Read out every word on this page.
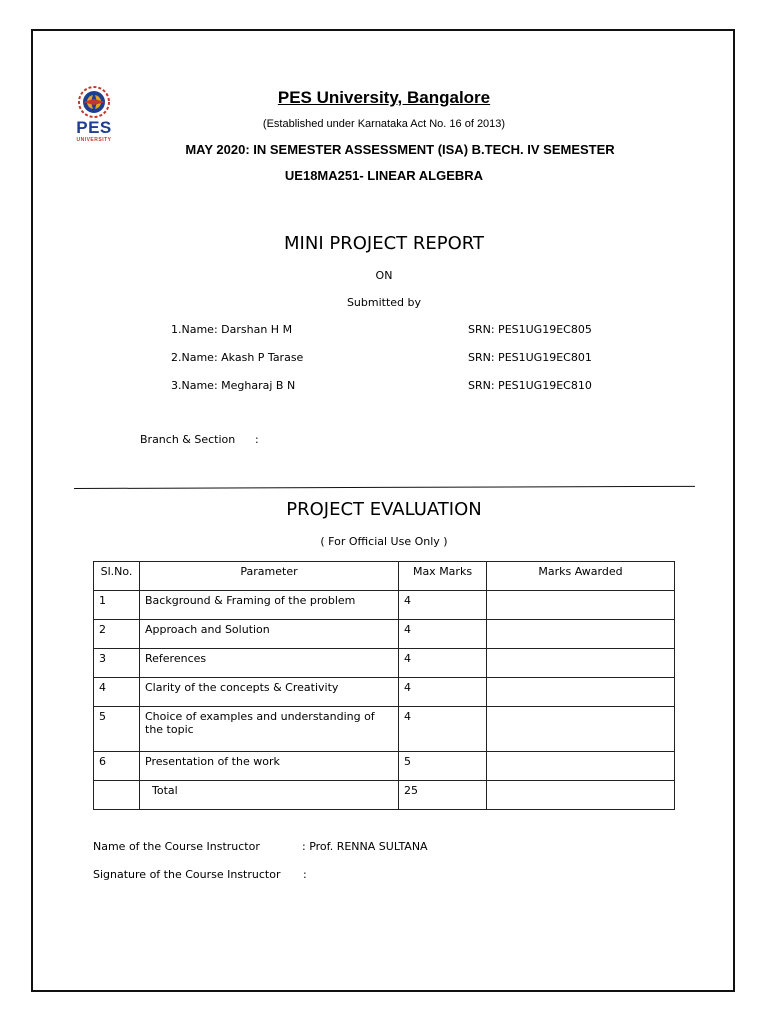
PES
UNIVERSITY
PES University, Bangalore
(Established under Karnataka Act No. 16 of 2013)
MAY 2020: IN SEMESTER ASSESSMENT (ISA) B.TECH. IV SEMESTER
UE18MA251- LINEAR ALGEBRA
MINI PROJECT REPORT
ON
Submitted by
1.Name: Darshan H M	SRN: PES1UG19EC805
2.Name: Akash P Tarase	SRN: PES1UG19EC801
3.Name: Megharaj B N	SRN: PES1UG19EC810
Branch & Section :
PROJECT EVALUATION
( For Official Use Only )
Sl.No.	Parameter	Max Marks	Marks Awarded
1	Background & Framing of the problem	4	
2	Approach and Solution	4	
3	References	4	
4	Clarity of the concepts & Creativity	4	
5	Choice of examples and understanding of the topic	4	
6	Presentation of the work	5	
	Total	25	
Name of the Course Instructor	: Prof. RENNA SULTANA
Signature of the Course Instructor :
